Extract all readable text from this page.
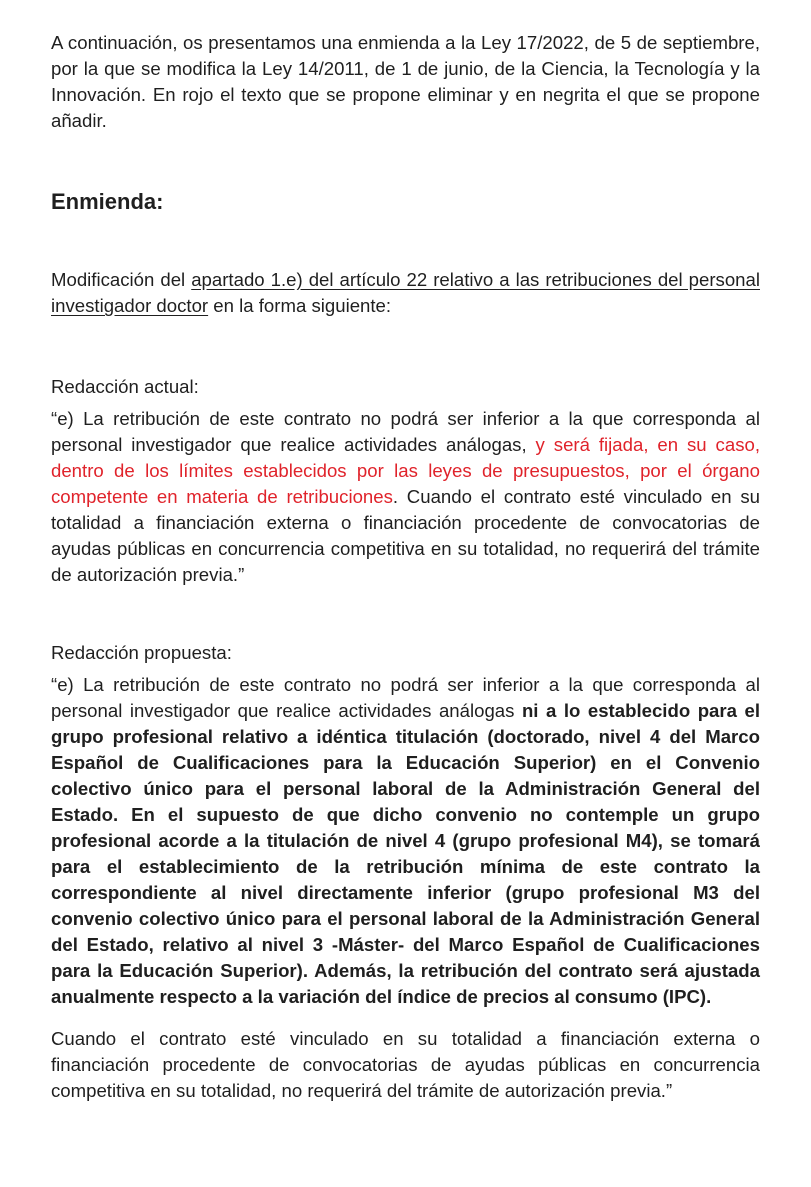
A continuación, os presentamos una enmienda a la Ley 17/2022, de 5 de septiembre, por la que se modifica la Ley 14/2011, de 1 de junio, de la Ciencia, la Tecnología y la Innovación. En rojo el texto que se propone eliminar y en negrita el que se propone añadir.

Enmienda:

Modificación del apartado 1.e) del artículo 22 relativo a las retribuciones del personal investigador doctor en la forma siguiente:

Redacción actual:

“e) La retribución de este contrato no podrá ser inferior a la que corresponda al personal investigador que realice actividades análogas, y será fijada, en su caso, dentro de los límites establecidos por las leyes de presupuestos, por el órgano competente en materia de retribuciones. Cuando el contrato esté vinculado en su totalidad a financiación externa o financiación procedente de convocatorias de ayudas públicas en concurrencia competitiva en su totalidad, no requerirá del trámite de autorización previa.”

Redacción propuesta:

“e) La retribución de este contrato no podrá ser inferior a la que corresponda al personal investigador que realice actividades análogas ni a lo establecido para el grupo profesional relativo a idéntica titulación (doctorado, nivel 4 del Marco Español de Cualificaciones para la Educación Superior) en el Convenio colectivo único para el personal laboral de la Administración General del Estado. En el supuesto de que dicho convenio no contemple un grupo profesional acorde a la titulación de nivel 4 (grupo profesional M4), se tomará para el establecimiento de la retribución mínima de este contrato la correspondiente al nivel directamente inferior (grupo profesional M3 del convenio colectivo único para el personal laboral de la Administración General del Estado, relativo al nivel 3 -Máster- del Marco Español de Cualificaciones para la Educación Superior). Además, la retribución del contrato será ajustada anualmente respecto a la variación del índice de precios al consumo (IPC).

Cuando el contrato esté vinculado en su totalidad a financiación externa o financiación procedente de convocatorias de ayudas públicas en concurrencia competitiva en su totalidad, no requerirá del trámite de autorización previa.”
